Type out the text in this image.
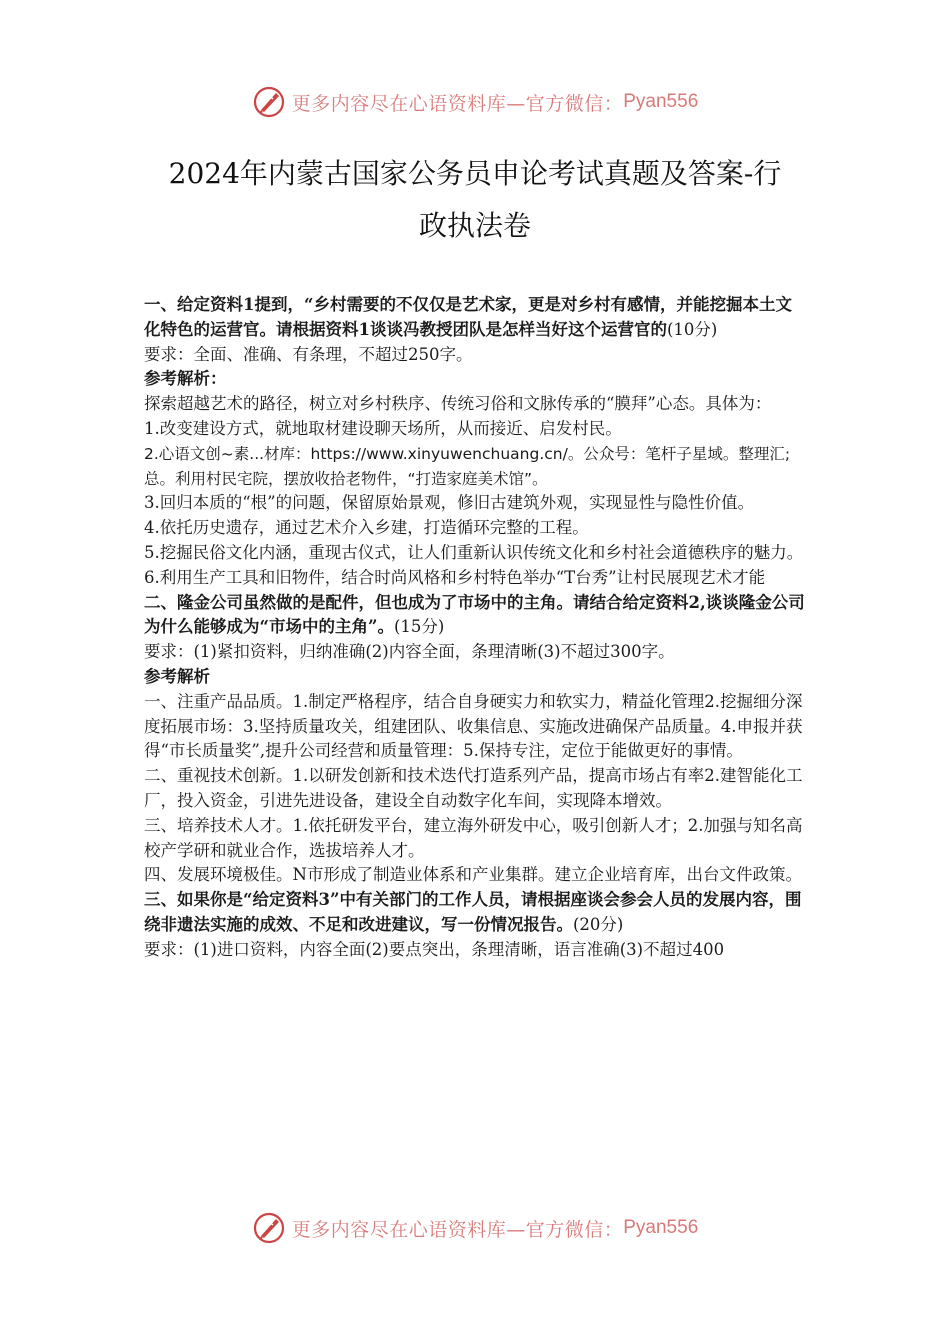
更多内容尽在心语资料库—官方微信： Pyan556
2024年内蒙古国家公务员申论考试真题及答案-行
政执法卷

一、给定资料1提到，“乡村需要的不仅仅是艺术家，更是对乡村有感情，并能挖掘本土文化特色的运营官。请根据资料1谈谈冯教授团队是怎样当好这个运营官的(10分)

要求：全面、准确、有条理，不超过250字。

参考解析：

探索超越艺术的路径，树立对乡村秩序、传统习俗和文脉传承的“膜拜”心态。具体为：

1.改变建设方式，就地取材建设聊天场所，从而接近、启发村民。

2.心语文创~素...材库：https://www.xinyuwenchuang.cn/。公众号：笔杆子星域。整理汇;总。利用村民宅院，摆放收拾老物件，“打造家庭美术馆”。

3.回归本质的“根”的问题，保留原始景观，修旧古建筑外观，实现显性与隐性价值。

4.依托历史遗存，通过艺术介入乡建，打造循环完整的工程。

5.挖掘民俗文化内涵，重现古仪式，让人们重新认识传统文化和乡村社会道德秩序的魅力。

6.利用生产工具和旧物件，结合时尚风格和乡村特色举办“T台秀”让村民展现艺术才能

二、隆金公司虽然做的是配件，但也成为了市场中的主角。请结合给定资料2,谈谈隆金公司为什么能够成为“市场中的主角”。(15分)

要求：(1)紧扣资料，归纳准确(2)内容全面，条理清晰(3)不超过300字。

参考解析

一、注重产品品质。1.制定严格程序，结合自身硬实力和软实力，精益化管理2.挖掘细分深度拓展市场：3.坚持质量攻关，组建团队、收集信息、实施改进确保产品质量。4.申报并获得“市长质量奖”,提升公司经营和质量管理：5.保持专注，定位于能做更好的事情。

二、重视技术创新。1.以研发创新和技术迭代打造系列产品，提高市场占有率2.建智能化工厂，投入资金，引进先进设备，建设全自动数字化车间，实现降本增效。

三、培养技术人才。1.依托研发平台，建立海外研发中心，吸引创新人才；2.加强与知名高校产学研和就业合作，选拔培养人才。

四、发展环境极佳。N市形成了制造业体系和产业集群。建立企业培育库，出台文件政策。

三、如果你是“给定资料3”中有关部门的工作人员，请根据座谈会参会人员的发展内容，围绕非遗法实施的成效、不足和改进建议，写一份情况报告。(20分)

要求：(1)进口资料，内容全面(2)要点突出，条理清晰，语言准确(3)不超过400

更多内容尽在心语资料库—官方微信： Pyan556
